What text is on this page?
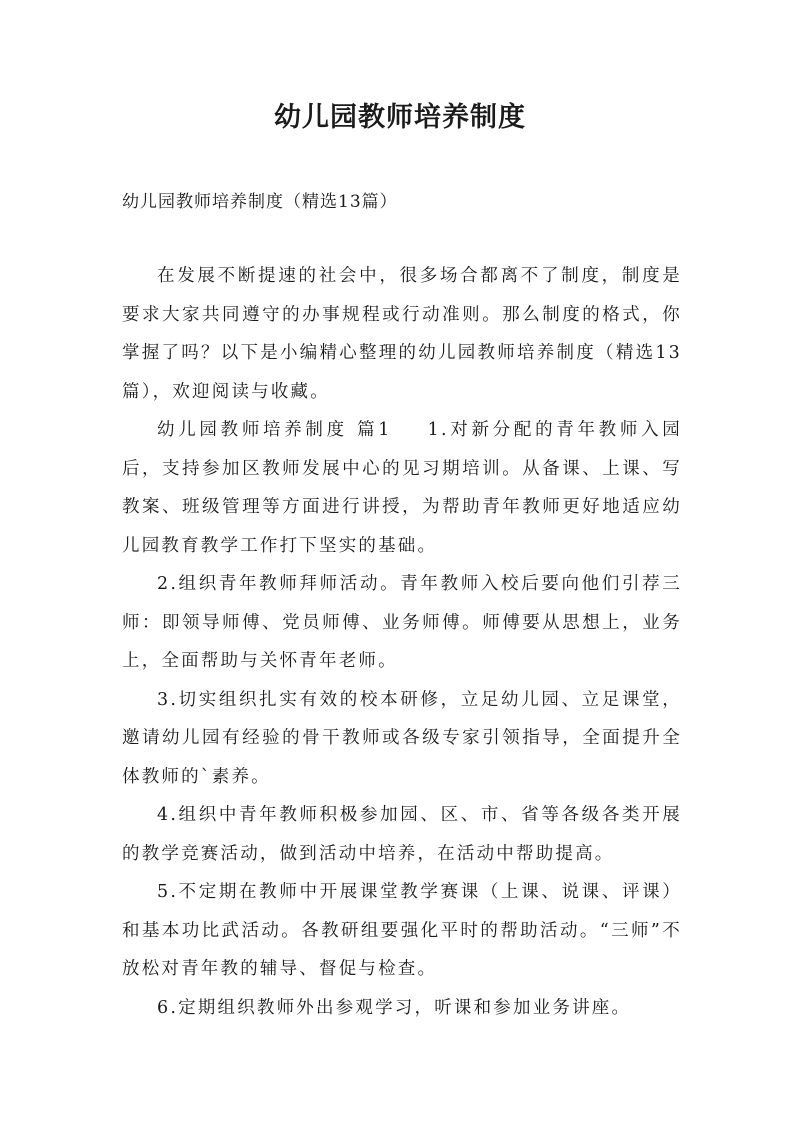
幼儿园教师培养制度
幼儿园教师培养制度（精选13篇）

在发展不断提速的社会中，很多场合都离不了制度，制度是要求大家共同遵守的办事规程或行动准则。那么制度的格式，你掌握了吗？以下是小编精心整理的幼儿园教师培养制度（精选13篇），欢迎阅读与收藏。

幼儿园教师培养制度 篇1 1.对新分配的青年教师入园后，支持参加区教师发展中心的见习期培训。从备课、上课、写教案、班级管理等方面进行讲授，为帮助青年教师更好地适应幼儿园教育教学工作打下坚实的基础。

2.组织青年教师拜师活动。青年教师入校后要向他们引荐三师：即领导师傅、党员师傅、业务师傅。师傅要从思想上，业务上，全面帮助与关怀青年老师。

3.切实组织扎实有效的校本研修，立足幼儿园、立足课堂，邀请幼儿园有经验的骨干教师或各级专家引领指导，全面提升全体教师的`素养。

4.组织中青年教师积极参加园、区、市、省等各级各类开展的教学竞赛活动，做到活动中培养，在活动中帮助提高。

5.不定期在教师中开展课堂教学赛课（上课、说课、评课）和基本功比武活动。各教研组要强化平时的帮助活动。“三师”不放松对青年教的辅导、督促与检查。

6.定期组织教师外出参观学习，听课和参加业务讲座。
